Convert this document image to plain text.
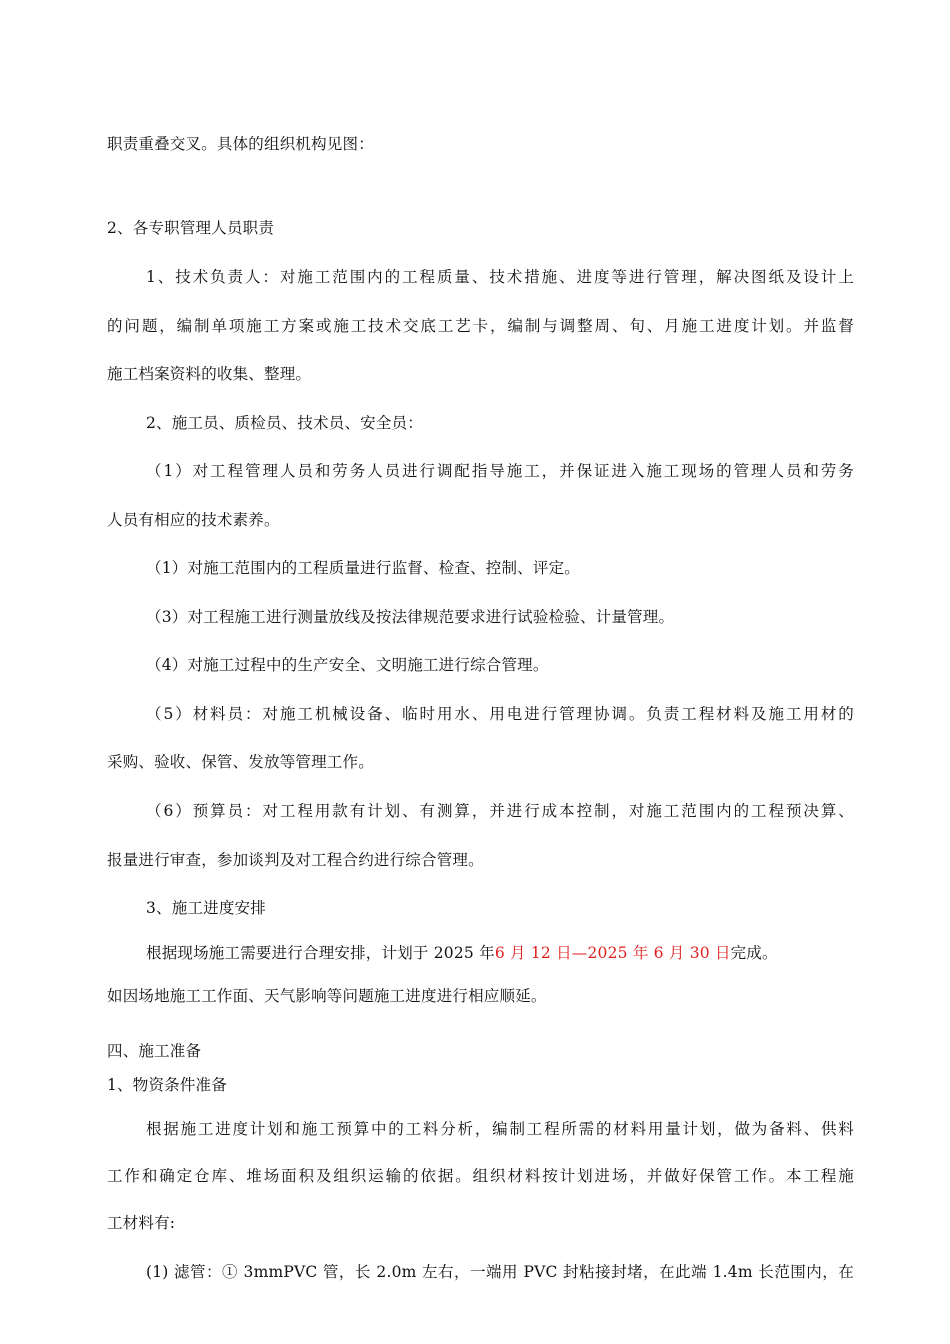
职责重叠交叉。具体的组织机构见图：
2、各专职管理人员职责
1、技术负责人：对施工范围内的工程质量、技术措施、进度等进行管理，解决图纸及设计上
的问题，编制单项施工方案或施工技术交底工艺卡，编制与调整周、旬、月施工进度计划。并监督
施工档案资料的收集、整理。
2、施工员、质检员、技术员、安全员：
（1）对工程管理人员和劳务人员进行调配指导施工，并保证进入施工现场的管理人员和劳务
人员有相应的技术素养。
（1）对施工范围内的工程质量进行监督、检查、控制、评定。
（3）对工程施工进行测量放线及按法律规范要求进行试验检验、计量管理。
（4）对施工过程中的生产安全、文明施工进行综合管理。
（5）材料员：对施工机械设备、临时用水、用电进行管理协调。负责工程材料及施工用材的
采购、验收、保管、发放等管理工作。
（6）预算员：对工程用款有计划、有测算，并进行成本控制，对施工范围内的工程预决算、
报量进行审查，参加谈判及对工程合约进行综合管理。
3、施工进度安排
根据现场施工需要进行合理安排，计划于 2025 年6 月 12 日—2025 年 6 月 30 日完成。
如因场地施工工作面、天气影响等问题施工进度进行相应顺延。
四、施工准备
1、物资条件准备
根据施工进度计划和施工预算中的工料分析，编制工程所需的材料用量计划，做为备料、供料
工作和确定仓库、堆场面积及组织运输的依据。组织材料按计划进场，并做好保管工作。本工程施
工材料有:
(1) 滤管：① 3mmPVC 管，长 2.0m 左右，一端用 PVC 封粘接封堵，在此端 1.4m 长范围内，在
